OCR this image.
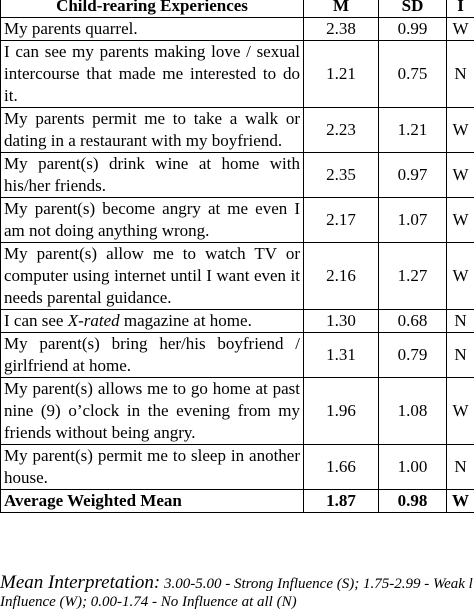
Child-rearing Experiences	M	SD	I
My parents quarrel.	2.38	0.99	W
I can see my parents making love / sexual intercourse that made me interested to do it.	1.21	0.75	N
My parents permit me to take a walk or dating in a restaurant with my boyfriend.	2.23	1.21	W
My parent(s) drink wine at home with his/her friends.	2.35	0.97	W
My parent(s) become angry at me even I am not doing anything wrong.	2.17	1.07	W
My parent(s) allow me to watch TV or computer using internet until I want even it needs parental guidance.	2.16	1.27	W
I can see X-rated magazine at home.	1.30	0.68	N
My parent(s) bring her/his boyfriend / girlfriend at home.	1.31	0.79	N
My parent(s) allows me to go home at past nine (9) o’clock in the evening from my friends without being angry.	1.96	1.08	W
My parent(s) permit me to sleep in another house.	1.66	1.00	N
Average Weighted Mean	1.87	0.98	W
Mean Interpretation: 3.00-5.00 - Strong Influence (S); 1.75-2.99 - Weak l Influence (W); 0.00-1.74 - No Influence at all (N)
